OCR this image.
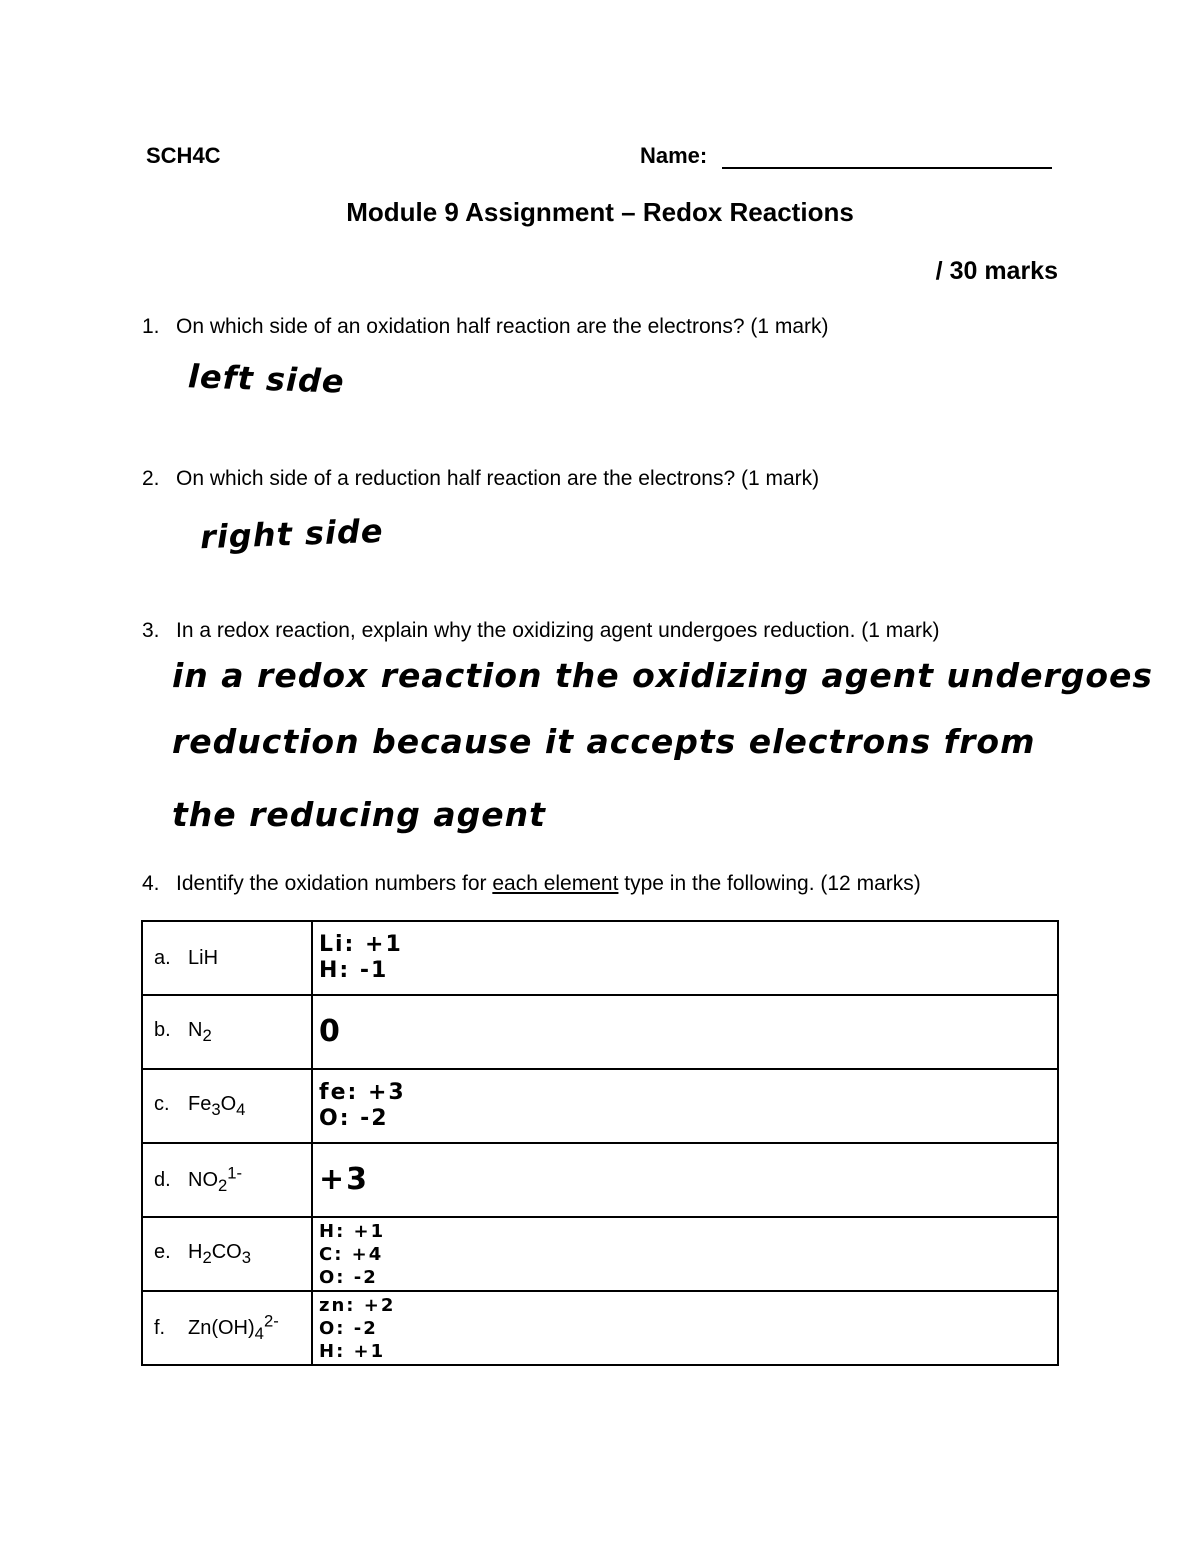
SCH4C	Name:
Module 9 Assignment – Redox Reactions
/ 30 marks
1. On which side of an oxidation half reaction are the electrons? (1 mark)
left side
2. On which side of a reduction half reaction are the electrons? (1 mark)
right side
3. In a redox reaction, explain why the oxidizing agent undergoes reduction. (1 mark)
in a redox reaction the oxidizing agent undergoes
reduction because it accepts electrons from
the reducing agent
4. Identify the oxidation numbers for each element type in the following. (12 marks)
a. LiH	Li: +1
H: -1

b. $N_2$	0

c. $Fe_3O_4$	fe: +3
O: -2

d. $NO_2^{1-}$	+3

e. $H_2CO_3$	H: +1
C: +4
O: -2

f. $Zn(OH)_4^{2-}$	zn: +2
O: -2
H: +1
